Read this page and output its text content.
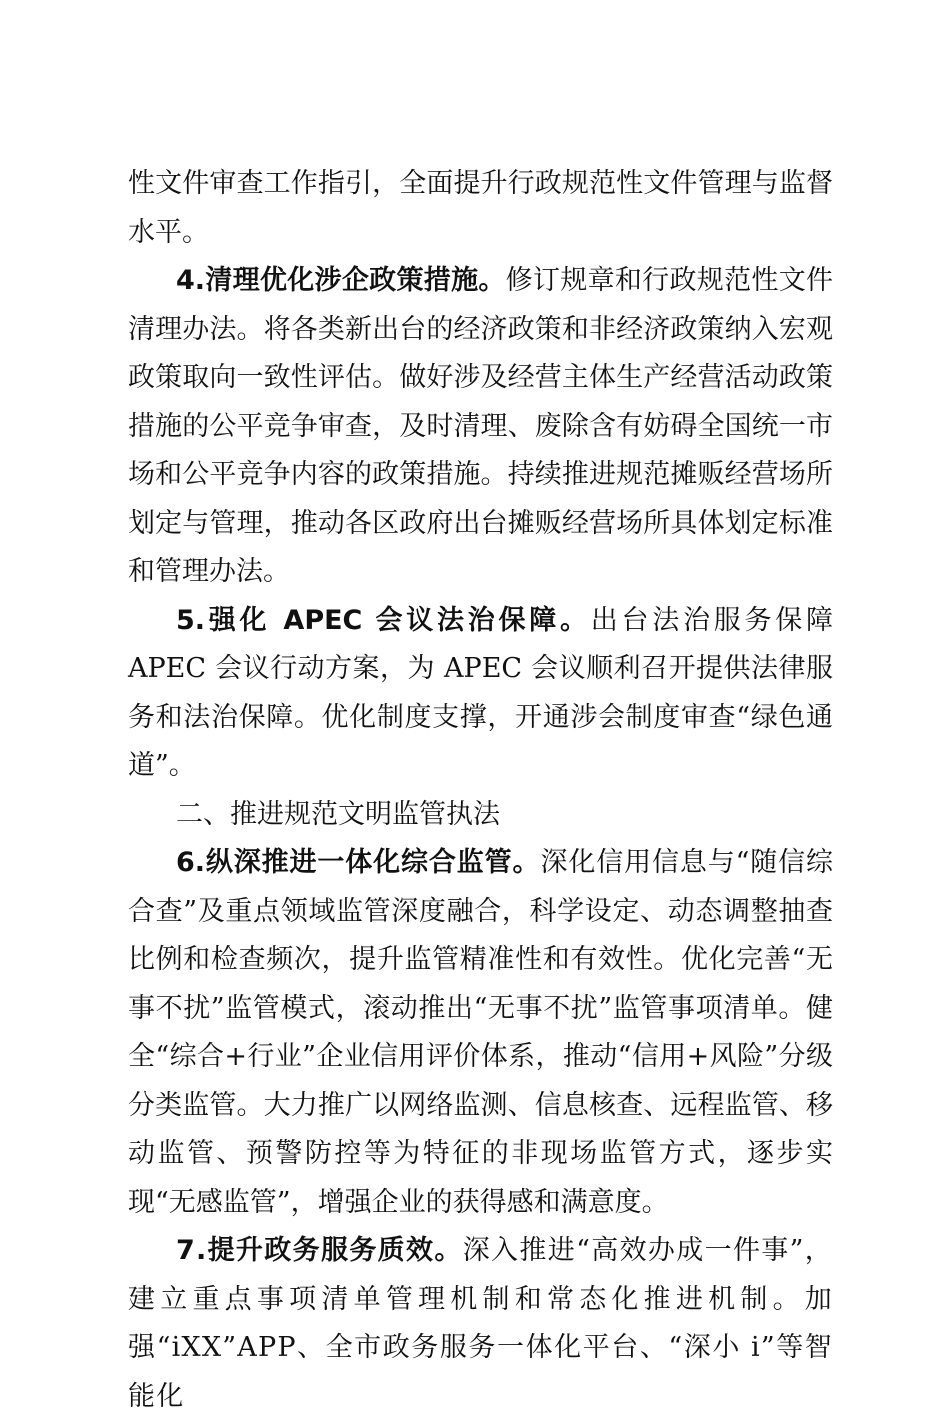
性文件审查工作指引，全面提升行政规范性文件管理与监督水平。

4.清理优化涉企政策措施。修订规章和行政规范性文件清理办法。将各类新出台的经济政策和非经济政策纳入宏观政策取向一致性评估。做好涉及经营主体生产经营活动政策措施的公平竞争审查，及时清理、废除含有妨碍全国统一市场和公平竞争内容的政策措施。持续推进规范摊贩经营场所划定与管理，推动各区政府出台摊贩经营场所具体划定标准和管理办法。

5.强化 APEC 会议法治保障。出台法治服务保障 APEC 会议行动方案，为 APEC 会议顺利召开提供法律服务和法治保障。优化制度支撑，开通涉会制度审查“绿色通道”。

二、推进规范文明监管执法

6.纵深推进一体化综合监管。深化信用信息与“随信综合查”及重点领域监管深度融合，科学设定、动态调整抽查比例和检查频次，提升监管精准性和有效性。优化完善“无事不扰”监管模式，滚动推出“无事不扰”监管事项清单。健全“综合+行业”企业信用评价体系，推动“信用+风险”分级分类监管。大力推广以网络监测、信息核查、远程监管、移动监管、预警防控等为特征的非现场监管方式，逐步实现“无感监管”，增强企业的获得感和满意度。

7.提升政务服务质效。深入推进“高效办成一件事”，建立重点事项清单管理机制和常态化推进机制。加强“iXX”APP、全市政务服务一体化平台、“深小 i”等智能化
